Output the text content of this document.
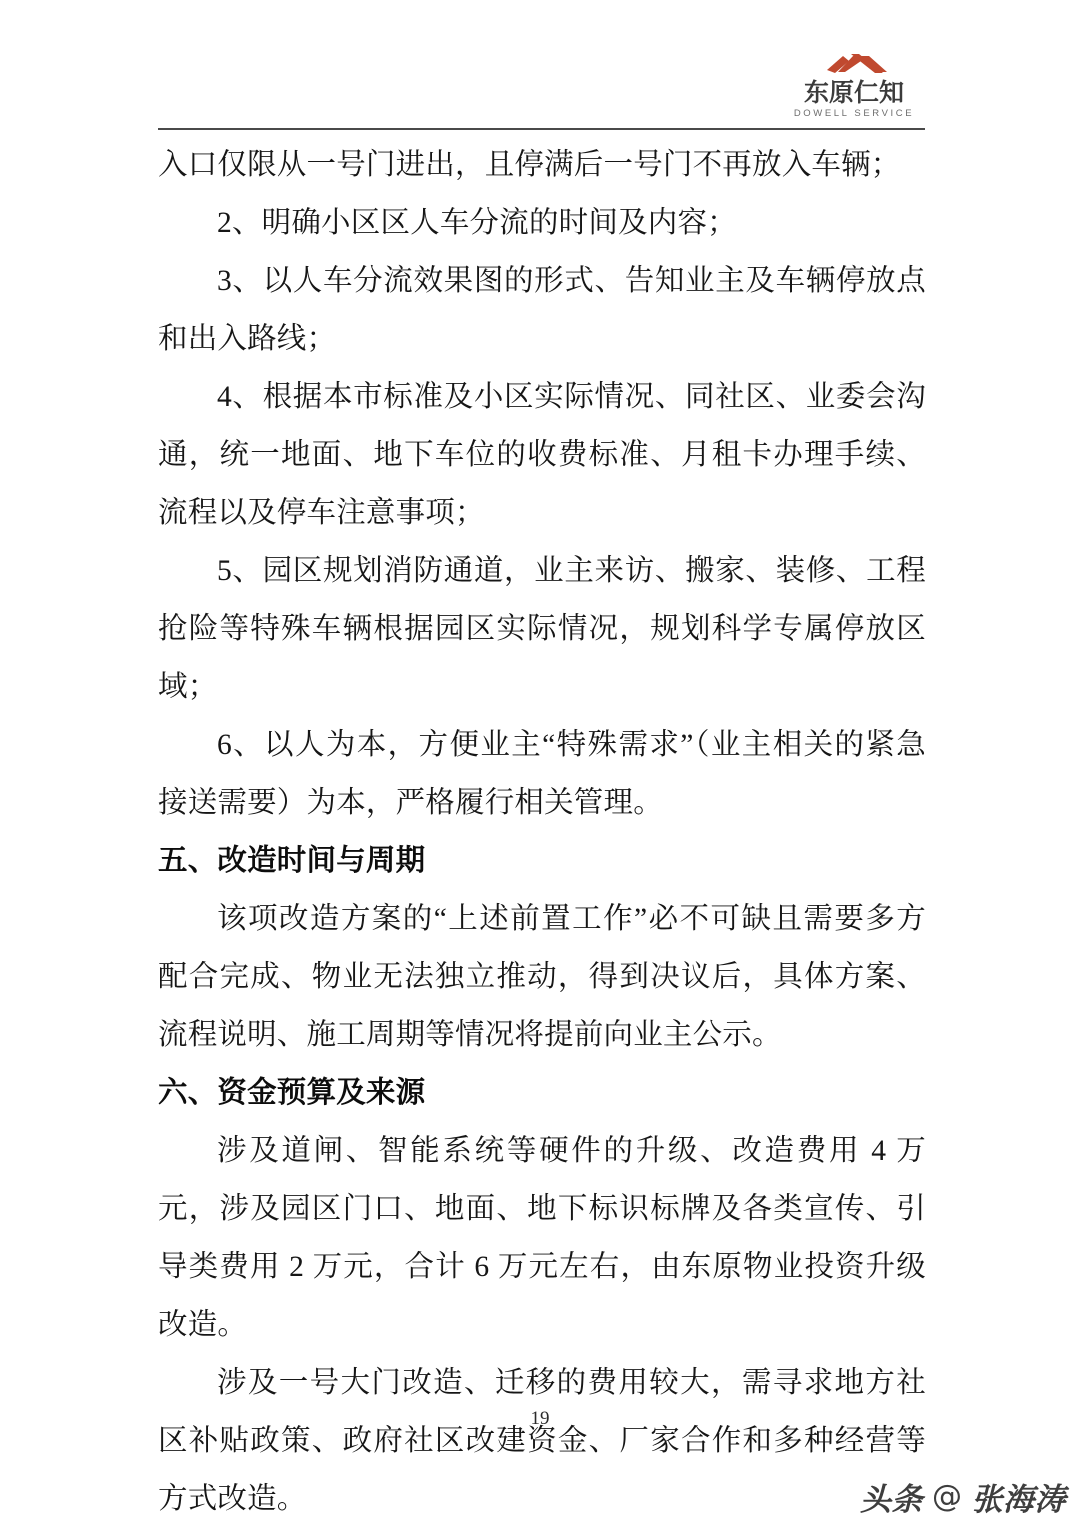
东原仁知
DOWELL SERVICE

入口仅限从一号门进出，且停满后一号门不再放入车辆；

2、明确小区区人车分流的时间及内容；

3、以人车分流效果图的形式、告知业主及车辆停放点和出入路线；

4、根据本市标准及小区实际情况、同社区、业委会沟通，统一地面、地下车位的收费标准、月租卡办理手续、流程以及停车注意事项；

5、园区规划消防通道，业主来访、搬家、装修、工程抢险等特殊车辆根据园区实际情况，规划科学专属停放区域；

6、以人为本，方便业主“特殊需求”（业主相关的紧急接送需要）为本，严格履行相关管理。

五、改造时间与周期

该项改造方案的“上述前置工作”必不可缺且需要多方配合完成、物业无法独立推动，得到决议后，具体方案、流程说明、施工周期等情况将提前向业主公示。

六、资金预算及来源

涉及道闸、智能系统等硬件的升级、改造费用 4 万元，涉及园区门口、地面、地下标识标牌及各类宣传、引导类费用 2 万元，合计 6 万元左右，由东原物业投资升级改造。

涉及一号大门改造、迁移的费用较大，需寻求地方社区补贴政策、政府社区改建资金、厂家合作和多种经营等方式改造。

19
头条 @ 张海涛
